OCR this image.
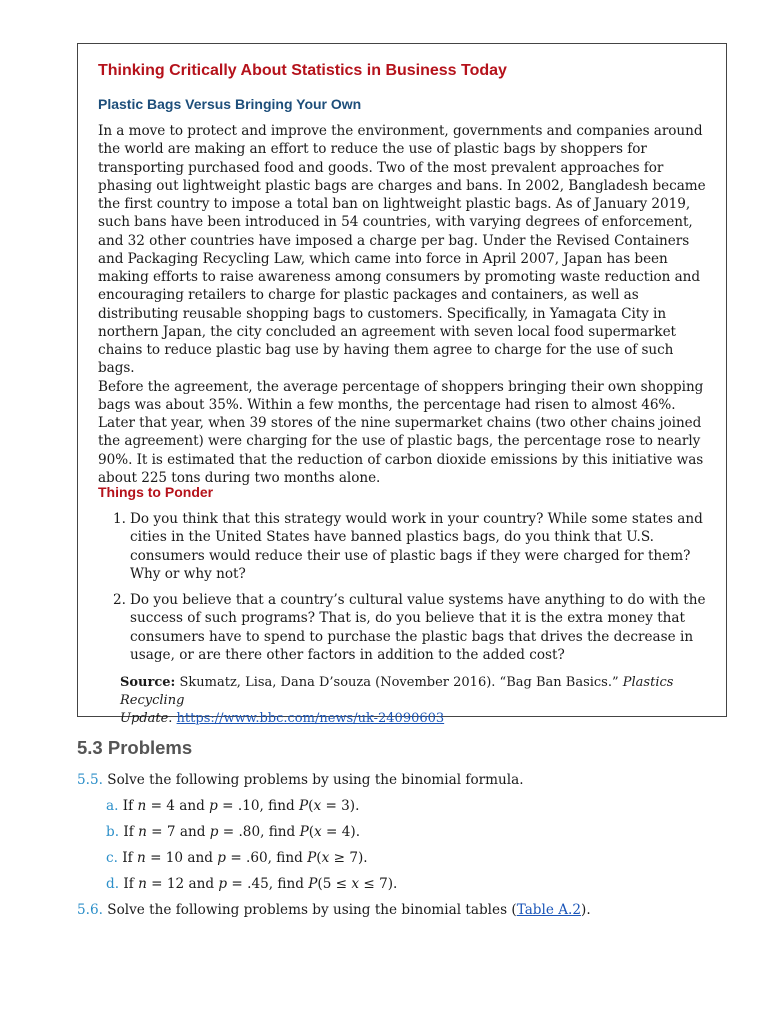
Thinking Critically About Statistics in Business Today
Plastic Bags Versus Bringing Your Own
In a move to protect and improve the environment, governments and companies around
the world are making an effort to reduce the use of plastic bags by shoppers for
transporting purchased food and goods. Two of the most prevalent approaches for
phasing out lightweight plastic bags are charges and bans. In 2002, Bangladesh became
the first country to impose a total ban on lightweight plastic bags. As of January 2019,
such bans have been introduced in 54 countries, with varying degrees of enforcement,
and 32 other countries have imposed a charge per bag. Under the Revised Containers
and Packaging Recycling Law, which came into force in April 2007, Japan has been
making efforts to raise awareness among consumers by promoting waste reduction and
encouraging retailers to charge for plastic packages and containers, as well as
distributing reusable shopping bags to customers. Specifically, in Yamagata City in
northern Japan, the city concluded an agreement with seven local food supermarket
chains to reduce plastic bag use by having them agree to charge for the use of such bags.
Before the agreement, the average percentage of shoppers bringing their own shopping
bags was about 35%. Within a few months, the percentage had risen to almost 46%.
Later that year, when 39 stores of the nine supermarket chains (two other chains joined
the agreement) were charging for the use of plastic bags, the percentage rose to nearly
90%. It is estimated that the reduction of carbon dioxide emissions by this initiative was
about 225 tons during two months alone.
Things to Ponder
1. Do you think that this strategy would work in your country? While some states and
cities in the United States have banned plastics bags, do you think that U.S.
consumers would reduce their use of plastic bags if they were charged for them?
Why or why not?
2. Do you believe that a country’s cultural value systems have anything to do with the
success of such programs? That is, do you believe that it is the extra money that
consumers have to spend to purchase the plastic bags that drives the decrease in
usage, or are there other factors in addition to the added cost?
Source: Skumatz, Lisa, Dana D’souza (November 2016). “Bag Ban Basics.” Plastics Recycling
Update. https://www.bbc.com/news/uk-24090603
5.3 Problems
5.5. Solve the following problems by using the binomial formula.
a. If n = 4 and p = .10, find P(x = 3).
b. If n = 7 and p = .80, find P(x = 4).
c. If n = 10 and p = .60, find P(x ≥ 7).
d. If n = 12 and p = .45, find P(5 ≤ x ≤ 7).
5.6. Solve the following problems by using the binomial tables (Table A.2).
